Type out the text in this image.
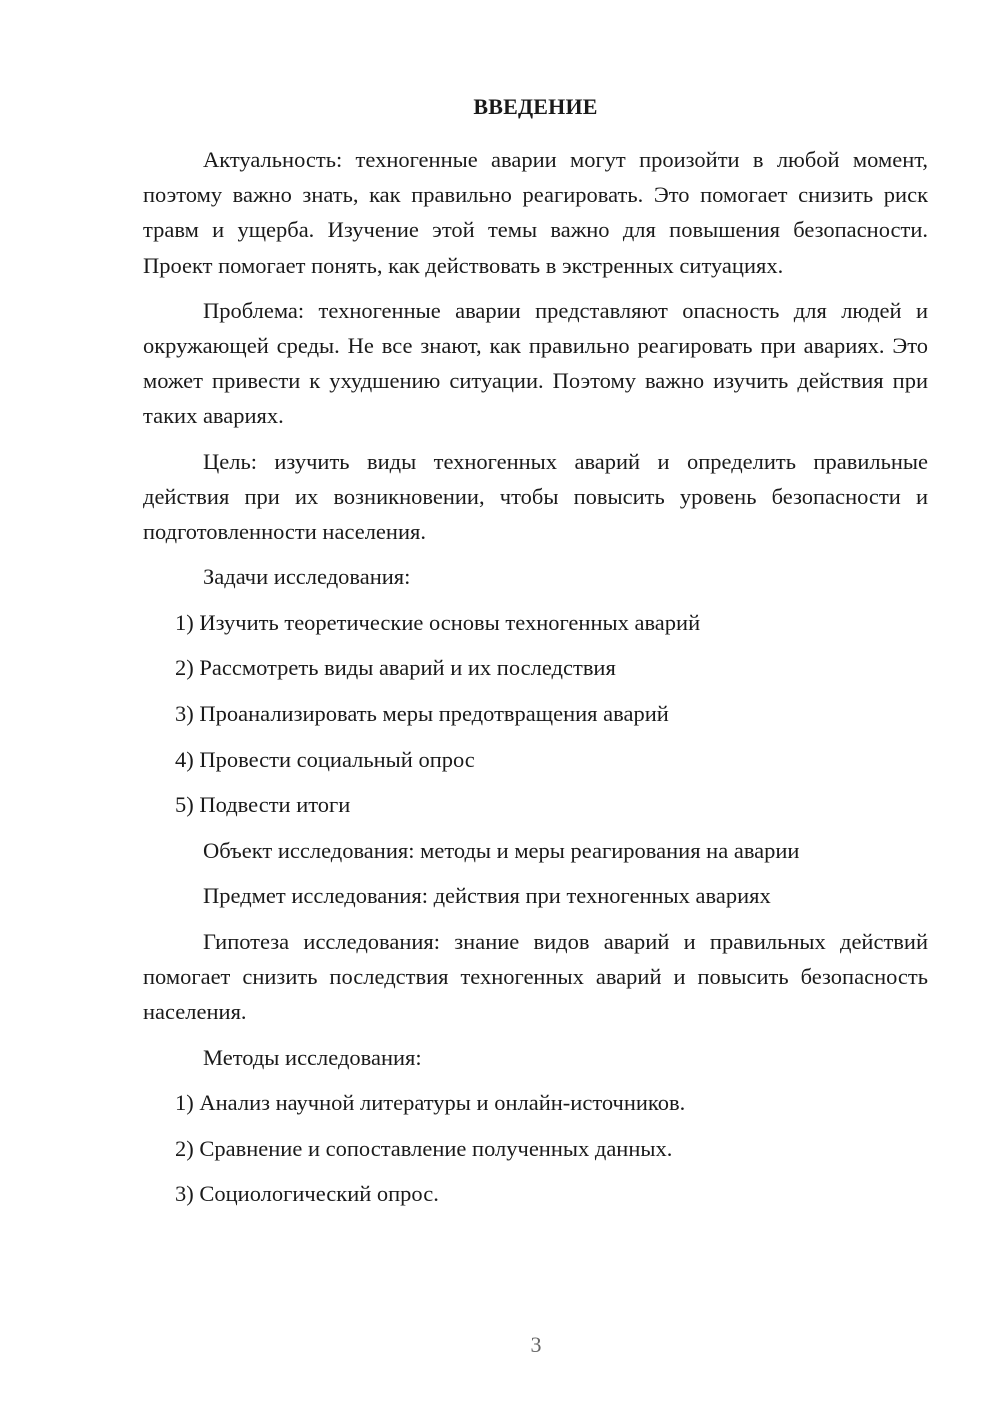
ВВЕДЕНИЕ

Актуальность: техногенные аварии могут произойти в любой момент, поэтому важно знать, как правильно реагировать. Это помогает снизить риск травм и ущерба. Изучение этой темы важно для повышения безопасности. Проект помогает понять, как действовать в экстренных ситуациях.

Проблема: техногенные аварии представляют опасность для людей и окружающей среды. Не все знают, как правильно реагировать при авариях. Это может привести к ухудшению ситуации. Поэтому важно изучить действия при таких авариях.

Цель: изучить виды техногенных аварий и определить правильные действия при их возникновении, чтобы повысить уровень безопасности и подготовленности населения.

Задачи исследования:
1) Изучить теоретические основы техногенных аварий
2) Рассмотреть виды аварий и их последствия
3) Проанализировать меры предотвращения аварий
4) Провести социальный опрос
5) Подвести итоги
Объект исследования: методы и меры реагирования на аварии
Предмет исследования: действия при техногенных авариях

Гипотеза исследования: знание видов аварий и правильных действий помогает снизить последствия техногенных аварий и повысить безопасность населения.

Методы исследования:
1) Анализ научной литературы и онлайн-источников.
2) Сравнение и сопоставление полученных данных.
3) Социологический опрос.
3
